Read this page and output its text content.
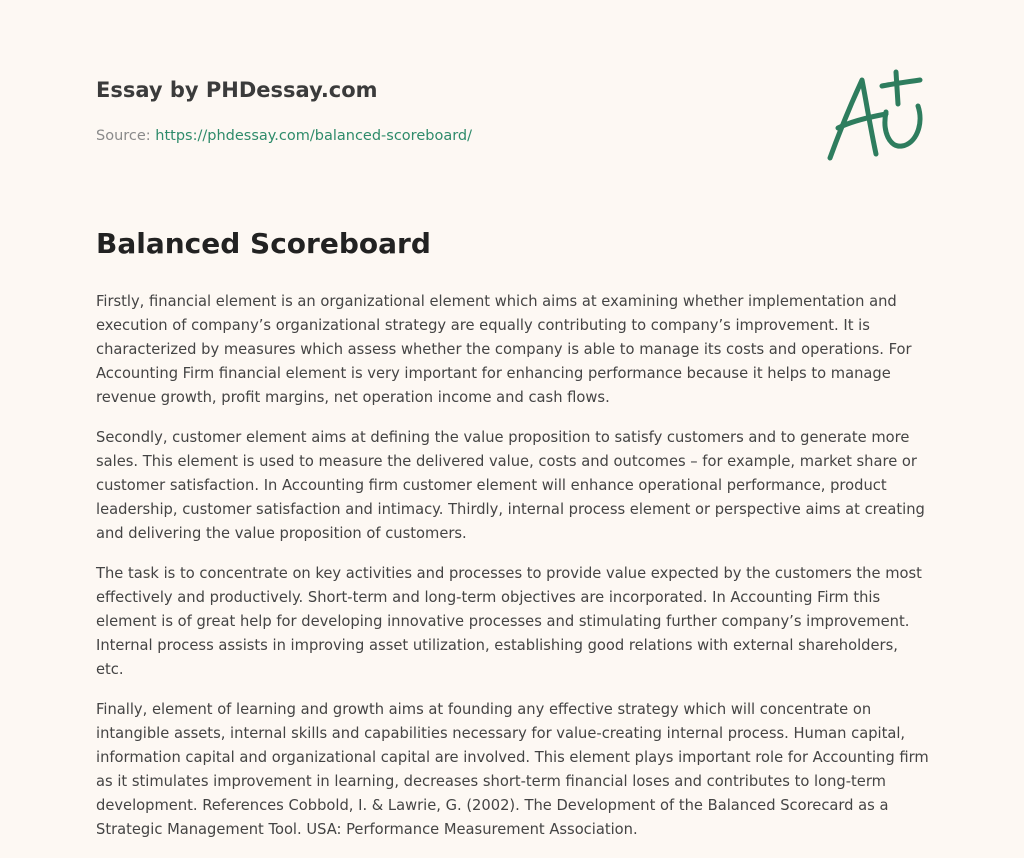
Essay by PHDessay.com
Source: https://phdessay.com/balanced-scoreboard/
Balanced Scoreboard

Firstly, financial element is an organizational element which aims at examining whether implementation and execution of company’s organizational strategy are equally contributing to company’s improvement. It is characterized by measures which assess whether the company is able to manage its costs and operations. For Accounting Firm financial element is very important for enhancing performance because it helps to manage revenue growth, profit margins, net operation income and cash flows.

Secondly, customer element aims at defining the value proposition to satisfy customers and to generate more sales. This element is used to measure the delivered value, costs and outcomes – for example, market share or customer satisfaction. In Accounting firm customer element will enhance operational performance, product leadership, customer satisfaction and intimacy. Thirdly, internal process element or perspective aims at creating and delivering the value proposition of customers.

The task is to concentrate on key activities and processes to provide value expected by the customers the most effectively and productively. Short-term and long-term objectives are incorporated. In Accounting Firm this element is of great help for developing innovative processes and stimulating further company’s improvement. Internal process assists in improving asset utilization, establishing good relations with external shareholders, etc.

Finally, element of learning and growth aims at founding any effective strategy which will concentrate on intangible assets, internal skills and capabilities necessary for value-creating internal process. Human capital, information capital and organizational capital are involved. This element plays important role for Accounting firm as it stimulates improvement in learning, decreases short-term financial loses and contributes to long-term development. References Cobbold, I. & Lawrie, G. (2002). The Development of the Balanced Scorecard as a Strategic Management Tool. USA: Performance Measurement Association.
